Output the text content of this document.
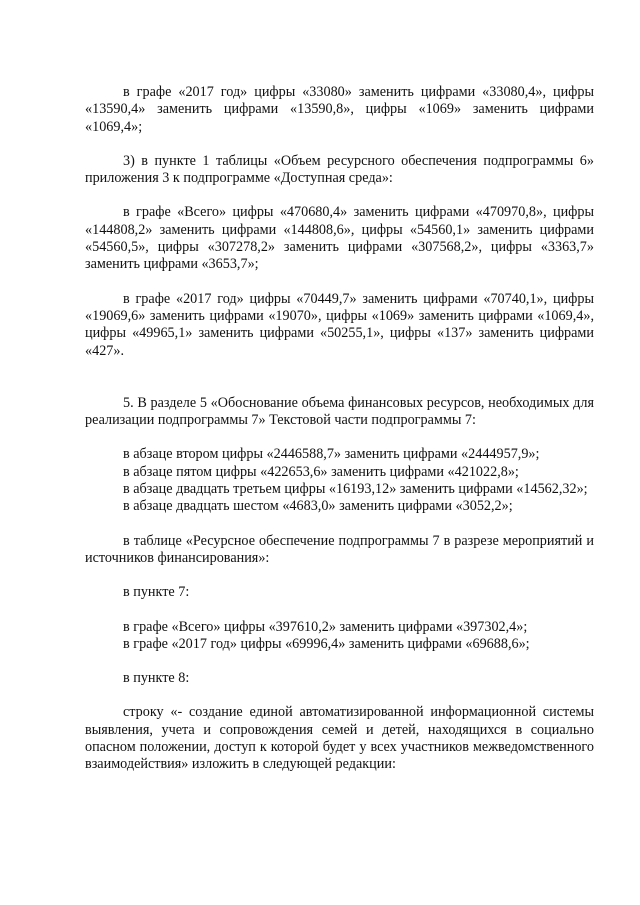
в графе «2017 год» цифры «33080» заменить цифрами «33080,4», цифры «13590,4» заменить цифрами «13590,8», цифры «1069» заменить цифрами «1069,4»;

3) в пункте 1 таблицы «Объем ресурсного обеспечения подпрограммы 6» приложения 3 к подпрограмме «Доступная среда»:

в графе «Всего» цифры «470680,4» заменить цифрами «470970,8», цифры «144808,2» заменить цифрами «144808,6», цифры «54560,1» заменить цифрами «54560,5», цифры «307278,2» заменить цифрами «307568,2», цифры «3363,7» заменить цифрами «3653,7»;

в графе «2017 год» цифры «70449,7» заменить цифрами «70740,1», цифры «19069,6» заменить цифрами «19070», цифры «1069» заменить цифрами «1069,4», цифры «49965,1» заменить цифрами «50255,1», цифры «137» заменить цифрами «427».

5. В разделе 5 «Обоснование объема финансовых ресурсов, необходимых для реализации подпрограммы 7» Текстовой части подпрограммы 7:

в абзаце втором цифры «2446588,7» заменить цифрами «2444957,9»;

в абзаце пятом цифры «422653,6» заменить цифрами «421022,8»;

в абзаце двадцать третьем цифры «16193,12» заменить цифрами «14562,32»;

в абзаце двадцать шестом «4683,0» заменить цифрами «3052,2»;

в таблице «Ресурсное обеспечение подпрограммы 7 в разрезе мероприятий и источников финансирования»:

в пункте 7:

в графе «Всего» цифры «397610,2» заменить цифрами «397302,4»;

в графе «2017 год» цифры «69996,4» заменить цифрами «69688,6»;

в пункте 8:

строку «- создание единой автоматизированной информационной системы выявления, учета и сопровождения семей и детей, находящихся в социально опасном положении, доступ к которой будет у всех участников межведомственного взаимодействия» изложить в следующей редакции:
